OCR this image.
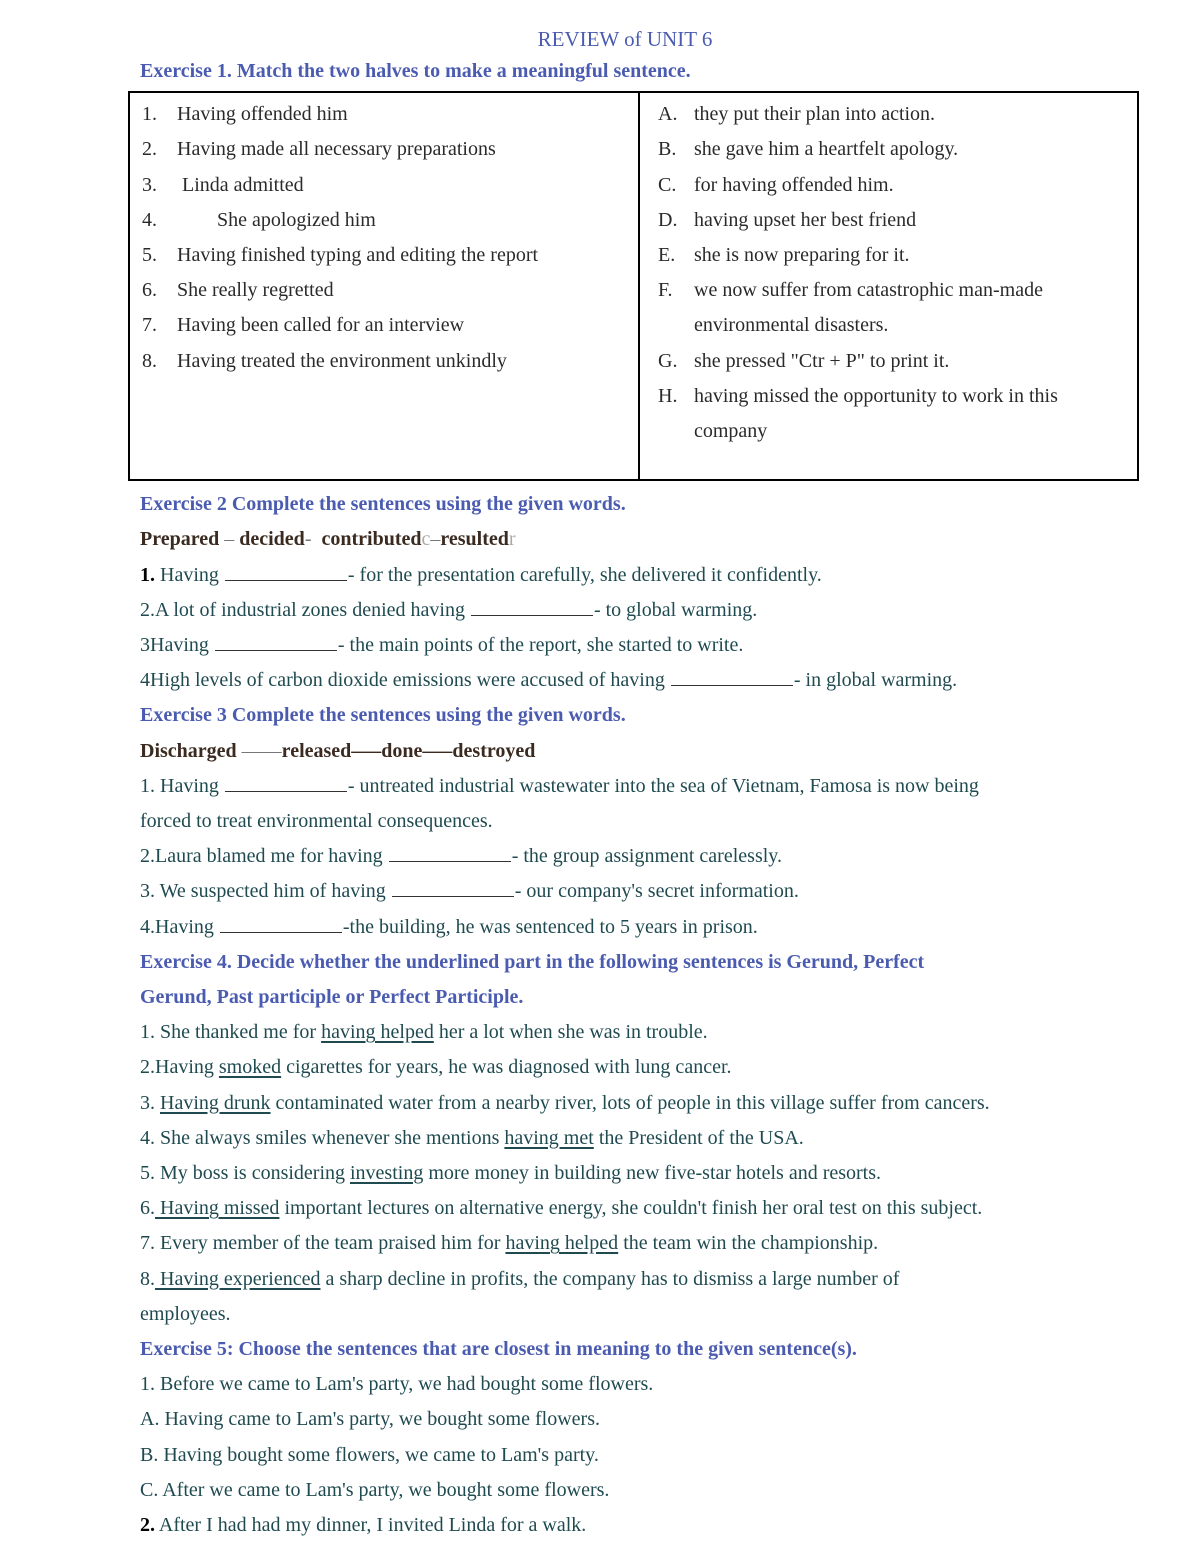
REVIEW of UNIT 6
Exercise 1. Match the two halves to make a meaningful sentence.
1.	Having offended him
2.	Having made all necessary preparations
3.	Linda admitted
4.	She apologized him
5.	Having finished typing and editing the report
6.	She really regretted
7.	Having been called for an interview
8.	Having treated the environment unkindly

A. they put their plan into action.
B. she gave him a heartfelt apology.
C. for having offended him.
D. having upset her best friend
E. she is now preparing for it.
F.	we now suffer from catastrophic man-made environmental disasters.
G. she pressed "Ctr + P" to print it.
H. having missed the opportunity to work in this company
Exercise 2 Complete the sentences using the given words.
Prepared – decided-  contributedc–resultedr
1. Having	- for the presentation carefully, she delivered it confidently.
2.A lot of industrial zones denied having	- to global warming.
3Having	- the main points of the report, she started to write.
4High levels of carbon dioxide emissions were accused of having	- in global warming.
Exercise 3 Complete the sentences using the given words.
Discharged ––––released–––done–––destroyed
1. Having	- untreated industrial wastewater into the sea of Vietnam, Famosa is now being
forced to treat environmental consequences.
2.Laura blamed me for having	- the group assignment carelessly.
3. We suspected him of having	- our company's secret information.
4.Having	-the building, he was sentenced to 5 years in prison.
Exercise 4. Decide whether the underlined part in the following sentences is Gerund, Perfect
Gerund, Past participle or Perfect Participle.
1. She thanked me for having helped her a lot when she was in trouble.
2.Having smoked cigarettes for years, he was diagnosed with lung cancer.
3. Having drunk contaminated water from a nearby river, lots of people in this village suffer from cancers.
4. She always smiles whenever she mentions having met the President of the USA.
5. My boss is considering investing more money in building new five-star hotels and resorts.
6. Having missed important lectures on alternative energy, she couldn't finish her oral test on this subject.
7. Every member of the team praised him for having helped the team win the championship.
8. Having experienced a sharp decline in profits, the company has to dismiss a large number of
employees.
Exercise 5: Choose the sentences that are closest in meaning to the given sentence(s).
1. Before we came to Lam's party, we had bought some flowers.
A. Having came to Lam's party, we bought some flowers.
B. Having bought some flowers, we came to Lam's party.
C. After we came to Lam's party, we bought some flowers.
2. After I had had my dinner, I invited Linda for a walk.
